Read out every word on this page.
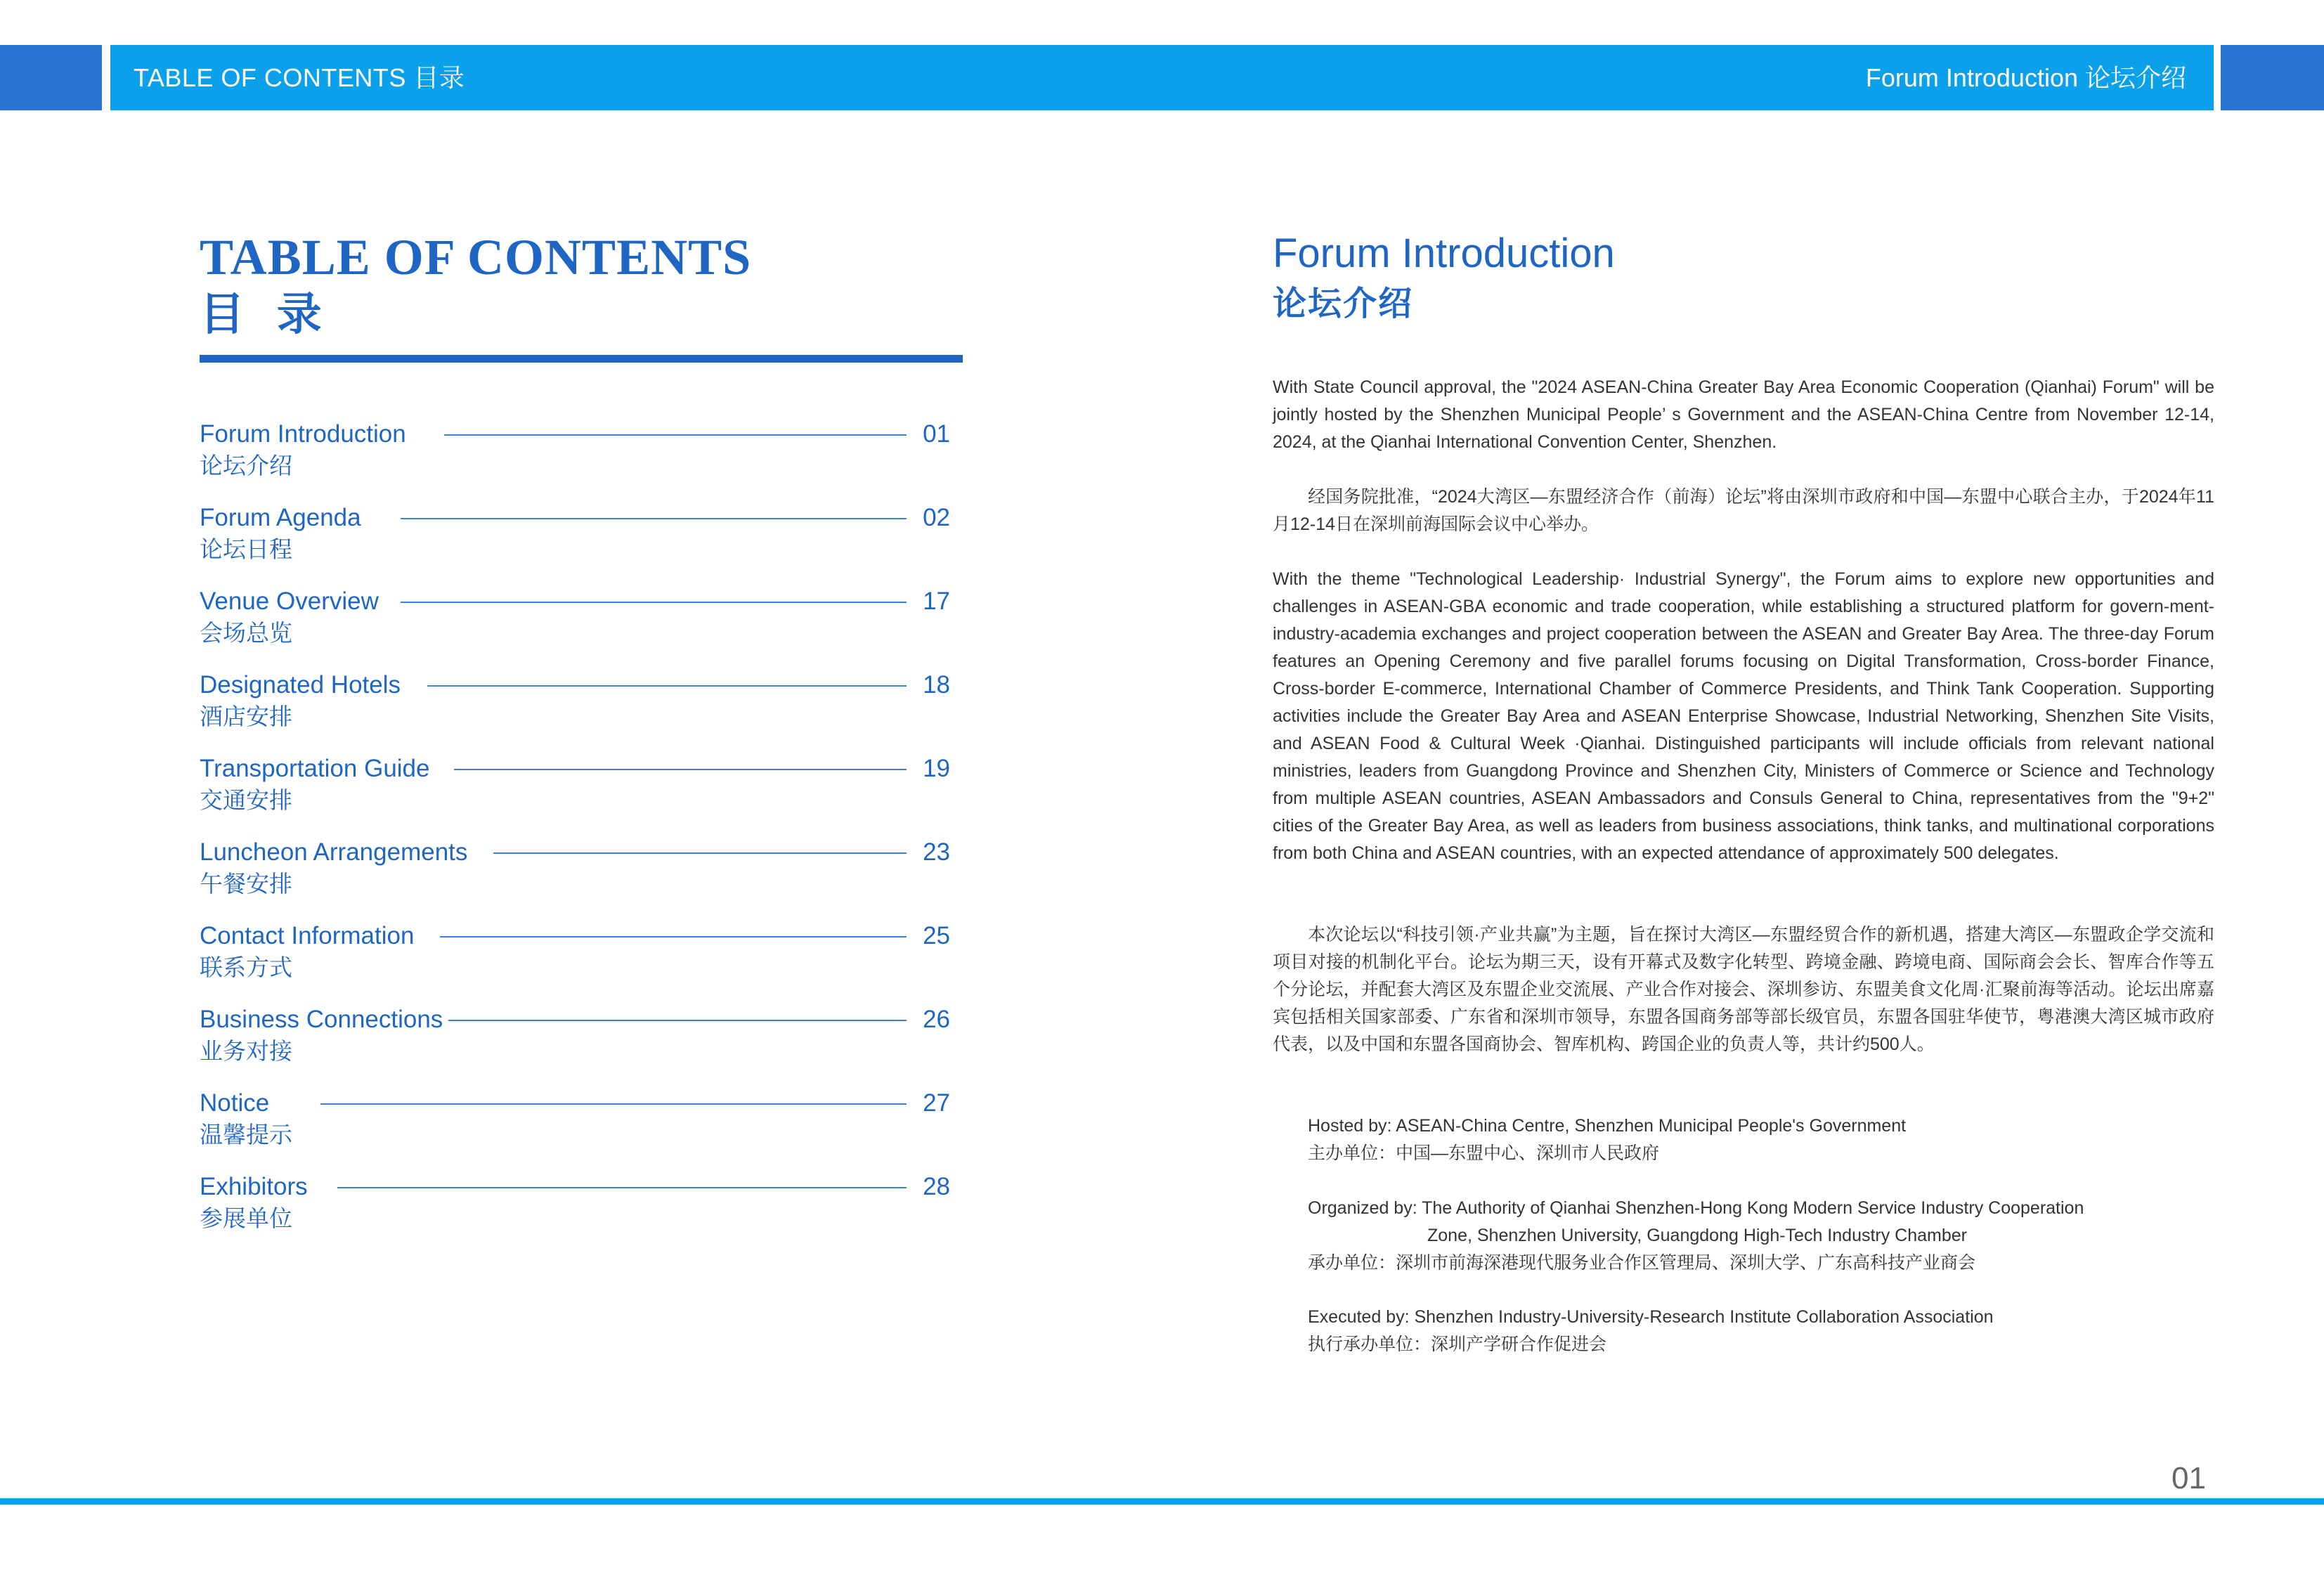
TABLE OF CONTENTS 目录	Forum Introduction 论坛介绍
TABLE OF CONTENTS
目 录
Forum Introduction	01
论坛介绍
Forum Agenda	02
论坛日程
Venue Overview	17
会场总览
Designated Hotels	18
酒店安排
Transportation Guide	19
交通安排
Luncheon Arrangements	23
午餐安排
Contact Information	25
联系方式
Business Connections	26
业务对接
Notice	27
温馨提示
Exhibitors	28
参展单位
Forum Introduction
论坛介绍

With State Council approval, the "2024 ASEAN-China Greater Bay Area Economic Cooperation (Qianhai) Forum" will be jointly hosted by the Shenzhen Municipal People’ s Government and the ASEAN-China Centre from November 12-14, 2024, at the Qianhai International Convention Center, Shenzhen.

经国务院批准，“2024大湾区—东盟经济合作（前海）论坛”将由深圳市政府和中国—东盟中心联合主办，于2024年11月12-14日在深圳前海国际会议中心举办。

With the theme "Technological Leadership· Industrial Synergy", the Forum aims to explore new opportunities and challenges in ASEAN-GBA economic and trade cooperation, while establishing a structured platform for govern-ment-industry-academia exchanges and project cooperation between the ASEAN and Greater Bay Area. The three-day Forum features an Opening Ceremony and five parallel forums focusing on Digital Transformation, Cross-border Finance, Cross-border E-commerce, International Chamber of Commerce Presidents, and Think Tank Cooperation. Supporting activities include the Greater Bay Area and ASEAN Enterprise Showcase, Industrial Networking, Shenzhen Site Visits, and ASEAN Food & Cultural Week ·Qianhai. Distinguished participants will include officials from relevant national ministries, leaders from Guangdong Province and Shenzhen City, Ministers of Commerce or Science and Technology from multiple ASEAN countries, ASEAN Ambassadors and Consuls General to China, representatives from the "9+2" cities of the Greater Bay Area, as well as leaders from business associations, think tanks, and multinational corporations from both China and ASEAN countries, with an expected attendance of approximately 500 delegates.

本次论坛以“科技引领·产业共赢”为主题，旨在探讨大湾区—东盟经贸合作的新机遇，搭建大湾区—东盟政企学交流和项目对接的机制化平台。论坛为期三天，设有开幕式及数字化转型、跨境金融、跨境电商、国际商会会长、智库合作等五个分论坛，并配套大湾区及东盟企业交流展、产业合作对接会、深圳参访、东盟美食文化周·汇聚前海等活动。论坛出席嘉宾包括相关国家部委、广东省和深圳市领导，东盟各国商务部等部长级官员，东盟各国驻华使节，粤港澳大湾区城市政府代表，以及中国和东盟各国商协会、智库机构、跨国企业的负责人等，共计约500人。

Hosted by: ASEAN-China Centre, Shenzhen Municipal People's Government
主办单位：中国—东盟中心、深圳市人民政府
Organized by: The Authority of Qianhai Shenzhen-Hong Kong Modern Service Industry Cooperation
Zone, Shenzhen University, Guangdong High-Tech Industry Chamber
承办单位：深圳市前海深港现代服务业合作区管理局、深圳大学、广东高科技产业商会
Executed by: Shenzhen Industry-University-Research Institute Collaboration Association
执行承办单位：深圳产学研合作促进会
01
